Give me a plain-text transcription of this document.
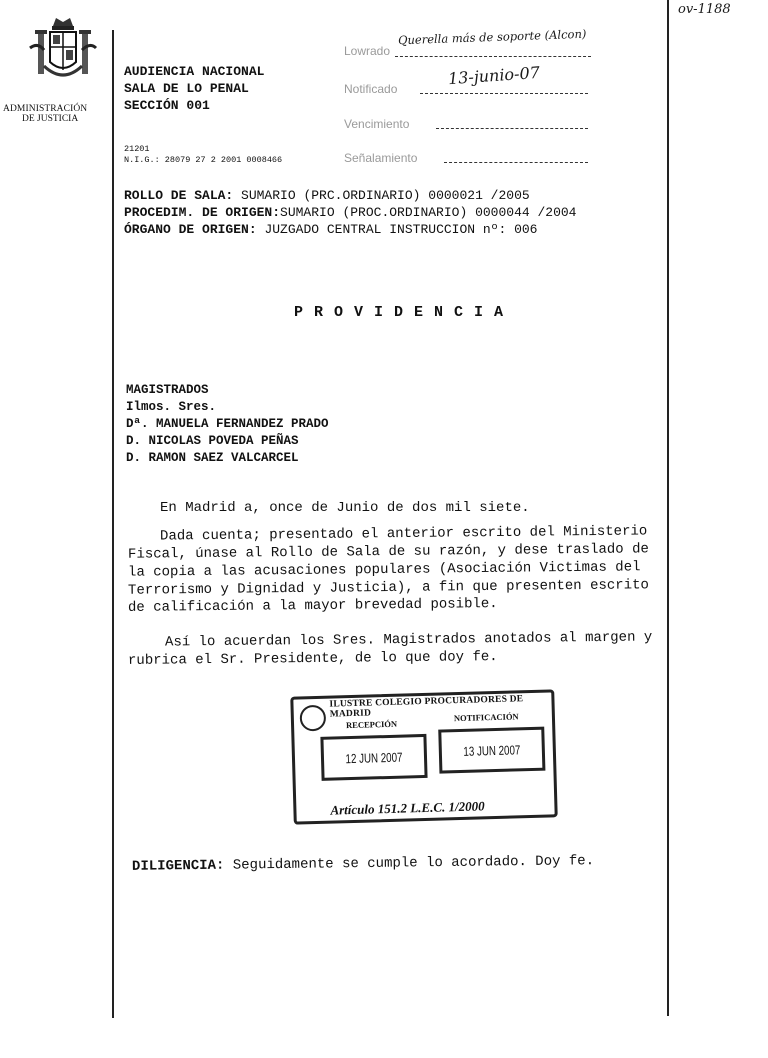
ov-1188
ADMINISTRACIÓN
DE JUSTICIA
AUDIENCIA NACIONAL
SALA DE LO PENAL
SECCIÓN 001
21201
N.I.G.: 28079 27 2 2001 0008466
Lowrado
Querella más de soporte (Alcon)
Notificado
13-junio-07
Vencimiento
Señalamiento
ROLLO DE SALA: SUMARIO (PRC.ORDINARIO) 0000021 /2005
PROCEDIM. DE ORIGEN:SUMARIO (PROC.ORDINARIO) 0000044 /2004
ÓRGANO DE ORIGEN: JUZGADO CENTRAL INSTRUCCION nº: 006
PROVIDENCIA
MAGISTRADOS
Ilmos. Sres.
Dª. MANUELA FERNANDEZ PRADO
D. NICOLAS POVEDA PEÑAS
D. RAMON SAEZ VALCARCEL
En Madrid a, once de Junio de dos mil siete.
Dada cuenta; presentado el anterior escrito del Ministerio
Fiscal, únase al Rollo de Sala de su razón, y dese traslado de
la copia a las acusaciones populares (Asociación Victimas del
Terrorismo y Dignidad y Justicia), a fin que presenten escrito
de calificación a la mayor brevedad posible.
Así lo acuerdan los Sres. Magistrados anotados al margen y
rubrica el Sr. Presidente, de lo que doy fe.
ILUSTRE COLEGIO PROCURADORES DE MADRID
RECEPCIÓN
NOTIFICACIÓN
12 JUN 2007	13 JUN 2007
Artículo 151.2 L.E.C. 1/2000
DILIGENCIA: Seguidamente se cumple lo acordado. Doy fe.
